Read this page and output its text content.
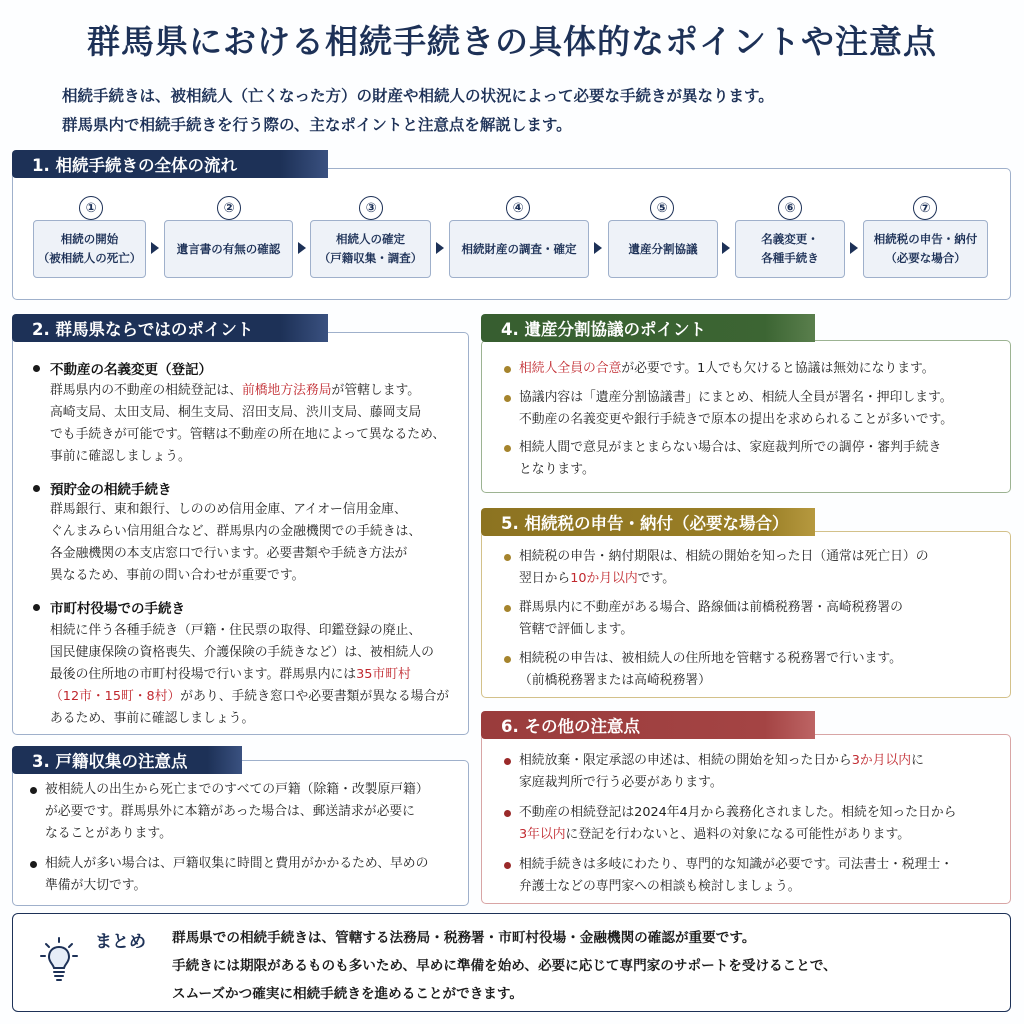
群馬県における相続手続きの具体的なポイントや注意点
相続手続きは、被相続人（亡くなった方）の財産や相続人の状況によって必要な手続きが異なります。
群馬県内で相続手続きを行う際の、主なポイントと注意点を解説します。
1. 相続手続きの全体の流れ
①
相続の開始
（被相続人の死亡）
②
遺言書の有無の確認
③
相続人の確定
（戸籍収集・調査）
④
相続財産の調査・確定
⑤
遺産分割協議
⑥
名義変更・
各種手続き
⑦
相続税の申告・納付
（必要な場合）
2. 群馬県ならではのポイント
不動産の名義変更（登記）
群馬県内の不動産の相続登記は、前橋地方法務局が管轄します。
高崎支局、太田支局、桐生支局、沼田支局、渋川支局、藤岡支局
でも手続きが可能です。管轄は不動産の所在地によって異なるため、
事前に確認しましょう。
預貯金の相続手続き
群馬銀行、東和銀行、しののめ信用金庫、アイオー信用金庫、
ぐんまみらい信用組合など、群馬県内の金融機関での手続きは、
各金融機関の本支店窓口で行います。必要書類や手続き方法が
異なるため、事前の問い合わせが重要です。
市町村役場での手続き
相続に伴う各種手続き（戸籍・住民票の取得、印鑑登録の廃止、
国民健康保険の資格喪失、介護保険の手続きなど）は、被相続人の
最後の住所地の市町村役場で行います。群馬県内には35市町村
（12市・15町・8村）があり、手続き窓口や必要書類が異なる場合が
あるため、事前に確認しましょう。
3. 戸籍収集の注意点
被相続人の出生から死亡までのすべての戸籍（除籍・改製原戸籍）
が必要です。群馬県外に本籍があった場合は、郵送請求が必要に
なることがあります。
相続人が多い場合は、戸籍収集に時間と費用がかかるため、早めの
準備が大切です。
4. 遺産分割協議のポイント
相続人全員の合意が必要です。1人でも欠けると協議は無効になります。
協議内容は「遺産分割協議書」にまとめ、相続人全員が署名・押印します。
不動産の名義変更や銀行手続きで原本の提出を求められることが多いです。
相続人間で意見がまとまらない場合は、家庭裁判所での調停・審判手続き
となります。
5. 相続税の申告・納付（必要な場合）
相続税の申告・納付期限は、相続の開始を知った日（通常は死亡日）の
翌日から10か月以内です。
群馬県内に不動産がある場合、路線価は前橋税務署・高崎税務署の
管轄で評価します。
相続税の申告は、被相続人の住所地を管轄する税務署で行います。
（前橋税務署または高崎税務署）
6. その他の注意点
相続放棄・限定承認の申述は、相続の開始を知った日から3か月以内に
家庭裁判所で行う必要があります。
不動産の相続登記は2024年4月から義務化されました。相続を知った日から
3年以内に登記を行わないと、過料の対象になる可能性があります。
相続手続きは多岐にわたり、専門的な知識が必要です。司法書士・税理士・
弁護士などの専門家への相談も検討しましょう。
まとめ 群馬県での相続手続きは、管轄する法務局・税務署・市町村役場・金融機関の確認が重要です。
手続きには期限があるものも多いため、早めに準備を始め、必要に応じて専門家のサポートを受けることで、
スムーズかつ確実に相続手続きを進めることができます。
